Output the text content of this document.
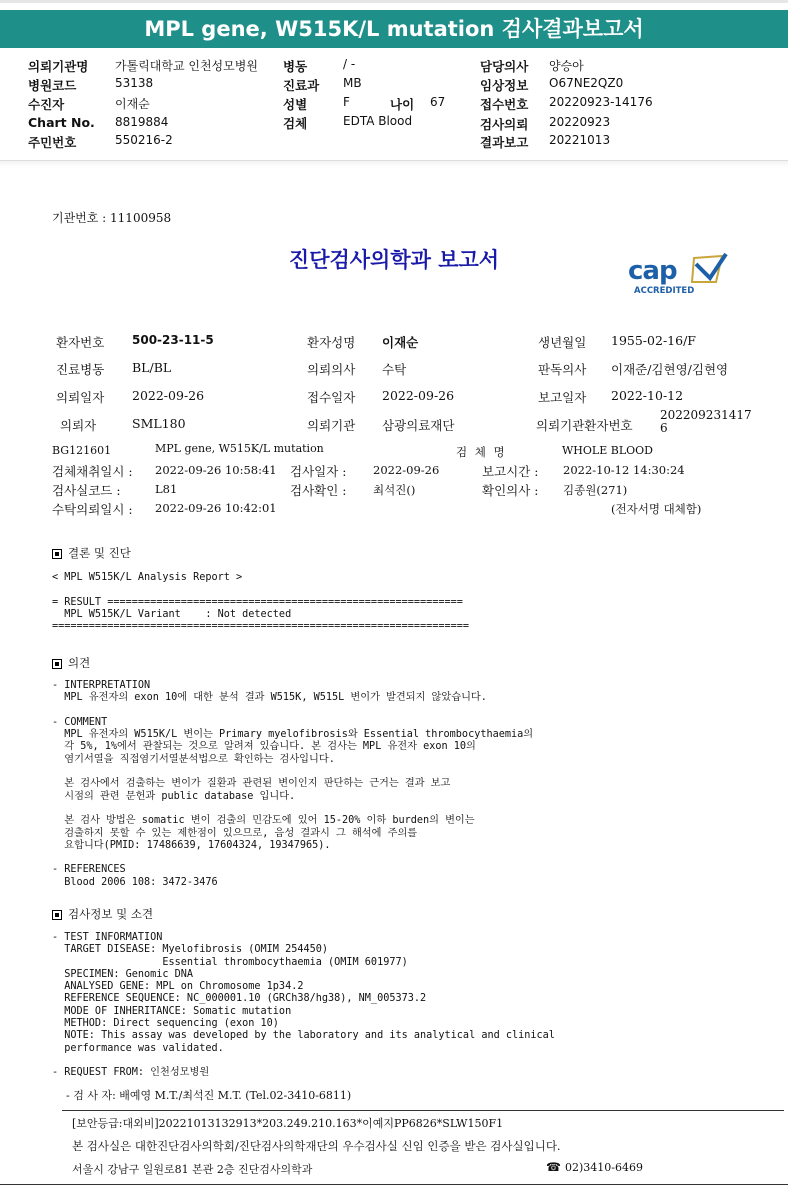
MPL gene, W515K/L mutation 검사결과보고서
의뢰기관명 가톨릭대학교 인천성모병원 병동	/ -	담당의사 양승아
병원코드	53138	진료과 MB	임상정보 O67NE2QZ0
수진자	이재순	성별	F	나이 67	접수번호 20220923-14176
Chart No. 8819884	검체	EDTA Blood	검사의뢰 20220923
주민번호	550216-2	결과보고 20221013
기관번호 : 11100958
진단검사의학과 보고서	cap
ACCREDITED
환자번호 500-23-11-5	환자성명 이재순	생년월일 1955-02-16/F
진료병동 BL/BL	의뢰의사 수탁	판독의사 이재준/김현영/김현영
의뢰일자 2022-09-26	접수일자 2022-09-26	보고일자 2022-10-12
의뢰자	SML180	의뢰기관 삼광의료재단	의뢰기관환자번호
202209231417
6
BG121601	MPL gene, W515K/L mutation	검 체 명	WHOLE BLOOD
검체채취일시 : 2022-09-26 10:58:41 검사일자 : 2022-09-26	보고시간 : 2022-10-12 14:30:24
검사실코드 :	L81	검사확인 : 최석진()	확인의사 : 김종원(271)
수탁의뢰일시 : 2022-09-26 10:42:01	(전자서명 대체함)
결론 및 진단
< MPL W515K/L Analysis Report >

= RESULT ==========================================================
MPL W515K/L Variant    : Not detected
====================================================================
의견
- INTERPRETATION
MPL 유전자의 exon 10에 대한 분석 결과 W515K, W515L 변이가 발견되지 않았습니다.

- COMMENT
MPL 유전자의 W515K/L 변이는 Primary myelofibrosis와 Essential thrombocythaemia의
각 5%, 1%에서 관찰되는 것으로 알려져 있습니다. 본 검사는 MPL 유전자 exon 10의
염기서열을 직접염기서열분석법으로 확인하는 검사입니다.

본 검사에서 검출하는 변이가 질환과 관련된 변이인지 판단하는 근거는 결과 보고
시점의 관련 문헌과 public database 입니다.

본 검사 방법은 somatic 변이 검출의 민감도에 있어 15-20% 이하 burden의 변이는
검출하지 못할 수 있는 제한점이 있으므로, 음성 결과시 그 해석에 주의를
요합니다(PMID: 17486639, 17604324, 19347965).

- REFERENCES
Blood 2006 108: 3472-3476
검사정보 및 소견
- TEST INFORMATION
TARGET DISEASE: Myelofibrosis (OMIM 254450)
Essential thrombocythaemia (OMIM 601977)
SPECIMEN: Genomic DNA
ANALYSED GENE: MPL on Chromosome 1p34.2
REFERENCE SEQUENCE: NC_000001.10 (GRCh38/hg38), NM_005373.2
MODE OF INHERITANCE: Somatic mutation
METHOD: Direct sequencing (exon 10)
NOTE: This assay was developed by the laboratory and its analytical and clinical
performance was validated.

- REQUEST FROM: 인천성모병원
- 검 사 자: 배예영 M.T./최석진 M.T. (Tel.02-3410-6811)
[보안등급:대외비]20221013132913*203.249.210.163*이예지PP6826*SLW150F1
본 검사실은 대한진단검사의학회/진단검사의학재단의 우수검사실 신임 인증을 받은 검사실입니다.
서울시 강남구 일원로81 본관 2층 진단검사의학과	☎ 02)3410-6469
